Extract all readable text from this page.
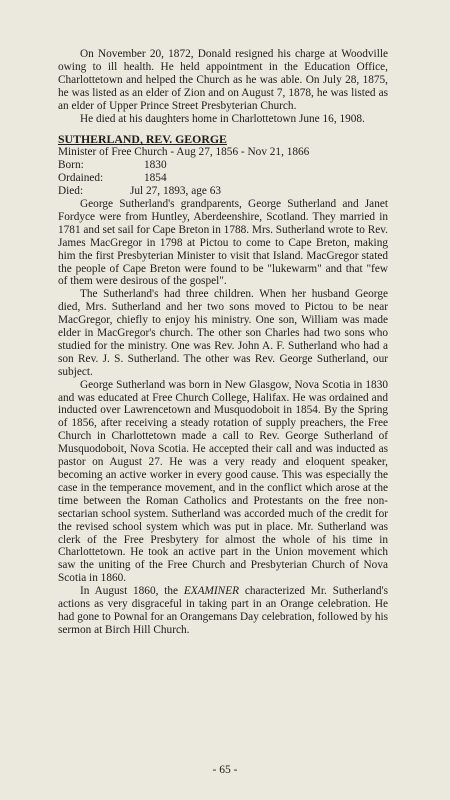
On November 20, 1872, Donald resigned his charge at Woodville owing to ill health. He held appointment in the Education Office, Charlottetown and helped the Church as he was able. On July 28, 1875, he was listed as an elder of Zion and on August 7, 1878, he was listed as an elder of Upper Prince Street Presbyterian Church.

He died at his daughters home in Charlottetown June 16, 1908.

SUTHERLAND, REV. GEORGE

Minister of Free Church - Aug 27, 1856 - Nov 21, 1866

Born:	1830
Ordained:	1854
Died:	Jul 27, 1893, age 63

George Sutherland's grandparents, George Sutherland and Janet Fordyce were from Huntley, Aberdeenshire, Scotland. They married in 1781 and set sail for Cape Breton in 1788. Mrs. Sutherland wrote to Rev. James MacGregor in 1798 at Pictou to come to Cape Breton, making him the first Presbyterian Minister to visit that Island. MacGregor stated the people of Cape Breton were found to be "lukewarm" and that "few of them were desirous of the gospel".

The Sutherland's had three children. When her husband George died, Mrs. Sutherland and her two sons moved to Pictou to be near MacGregor, chiefly to enjoy his ministry. One son, William was made elder in MacGregor's church. The other son Charles had two sons who studied for the ministry. One was Rev. John A. F. Sutherland who had a son Rev. J. S. Sutherland. The other was Rev. George Sutherland, our subject.

George Sutherland was born in New Glasgow, Nova Scotia in 1830 and was educated at Free Church College, Halifax. He was ordained and inducted over Lawrencetown and Musquodoboit in 1854. By the Spring of 1856, after receiving a steady rotation of supply preachers, the Free Church in Charlottetown made a call to Rev. George Sutherland of Musquodoboit, Nova Scotia. He accepted their call and was inducted as pastor on August 27. He was a very ready and eloquent speaker, becoming an active worker in every good cause. This was especially the case in the temperance movement, and in the conflict which arose at the time between the Roman Catholics and Protestants on the free non-sectarian school system. Sutherland was accorded much of the credit for the revised school system which was put in place. Mr. Sutherland was clerk of the Free Presbytery for almost the whole of his time in Charlottetown. He took an active part in the Union movement which saw the uniting of the Free Church and Presbyterian Church of Nova Scotia in 1860.

In August 1860, the EXAMINER characterized Mr. Sutherland's actions as very disgraceful in taking part in an Orange celebration. He had gone to Pownal for an Orangemans Day celebration, followed by his sermon at Birch Hill Church.

- 65 -
